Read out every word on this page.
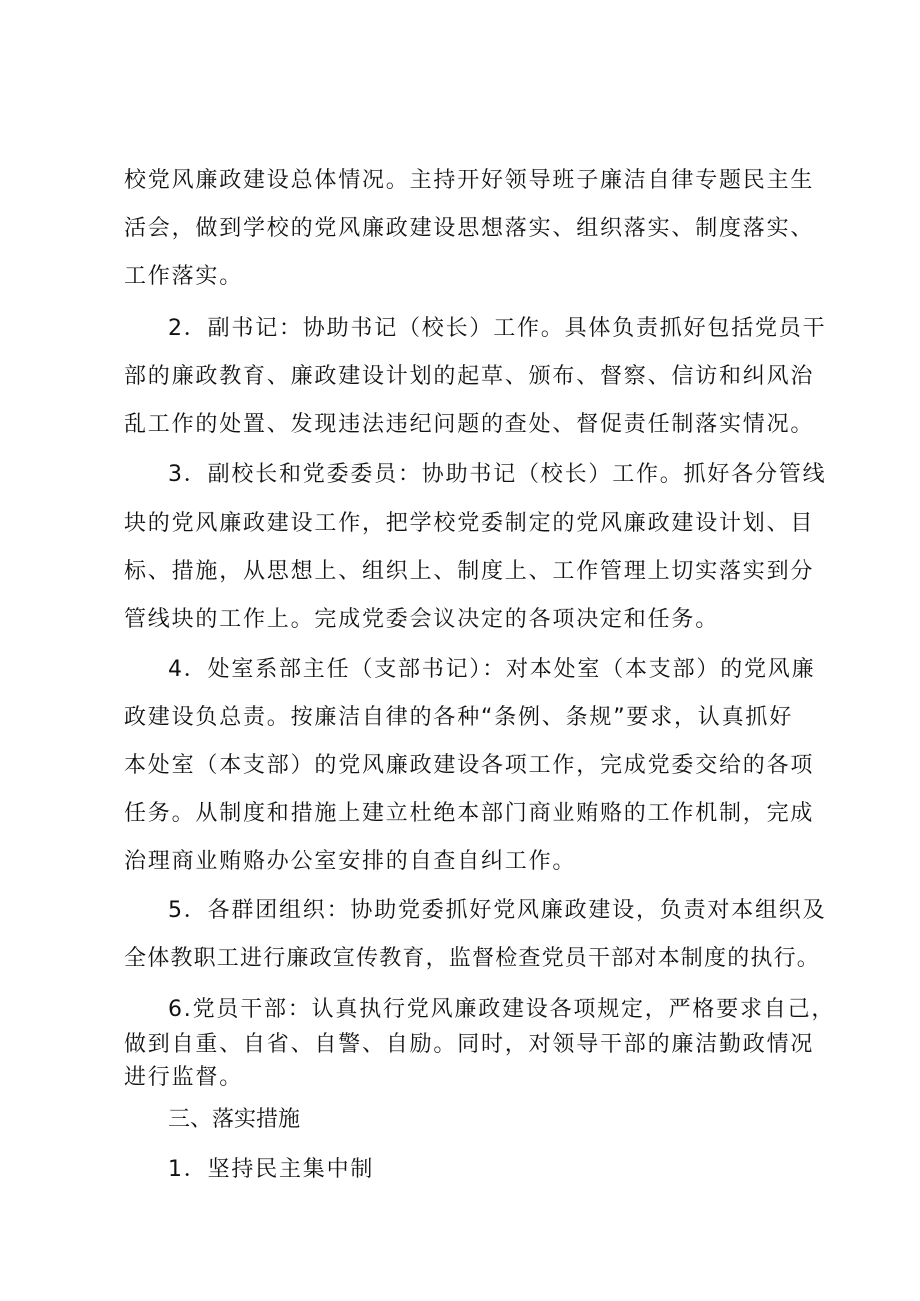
校党风廉政建设总体情况。主持开好领导班子廉洁自律专题民主生
活会，做到学校的党风廉政建设思想落实、组织落实、制度落实、
工作落实。
2．副书记：协助书记（校长）工作。具体负责抓好包括党员干
部的廉政教育、廉政建设计划的起草、颁布、督察、信访和纠风治
乱工作的处置、发现违法违纪问题的查处、督促责任制落实情况。
3．副校长和党委委员：协助书记（校长）工作。抓好各分管线
块的党风廉政建设工作，把学校党委制定的党风廉政建设计划、目
标、措施，从思想上、组织上、制度上、工作管理上切实落实到分
管线块的工作上。完成党委会议决定的各项决定和任务。
4．处室系部主任（支部书记）：对本处室（本支部）的党风廉
政建设负总责。按廉洁自律的各种“条例、条规”要求，认真抓好
本处室（本支部）的党风廉政建设各项工作，完成党委交给的各项
任务。从制度和措施上建立杜绝本部门商业贿赂的工作机制，完成
治理商业贿赂办公室安排的自查自纠工作。
5．各群团组织：协助党委抓好党风廉政建设，负责对本组织及
全体教职工进行廉政宣传教育，监督检查党员干部对本制度的执行。
6.党员干部：认真执行党风廉政建设各项规定，严格要求自己，
做到自重、自省、自警、自励。同时，对领导干部的廉洁勤政情况
进行监督。
三、落实措施
1．坚持民主集中制
